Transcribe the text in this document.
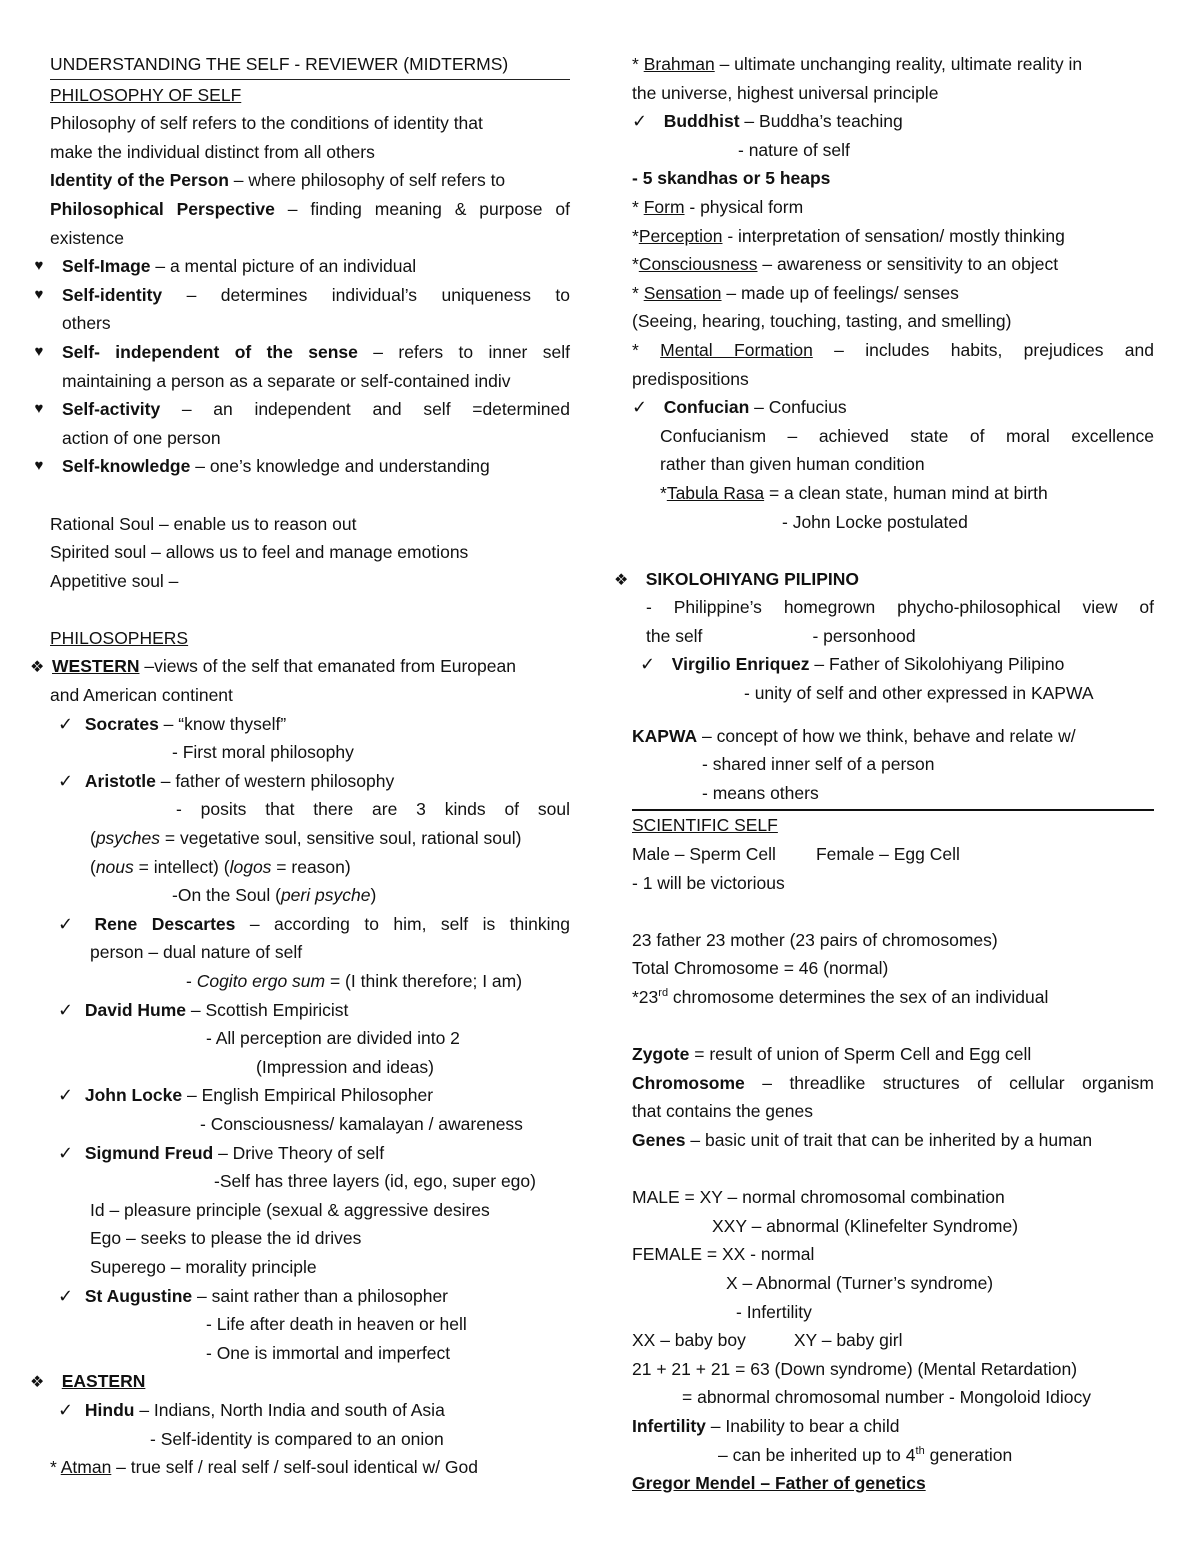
UNDERSTANDING THE SELF - REVIEWER (MIDTERMS)
PHILOSOPHY OF SELF
Philosophy of self refers to the conditions of identity that
make the individual distinct from all others
Identity of the Person – where philosophy of self refers to
Philosophical Perspective – finding meaning & purpose of
existence
♥ Self-Image – a mental picture of an individual
♥ Self-identity – determines individual’s uniqueness to
others
♥ Self- independent of the sense – refers to inner self
maintaining a person as a separate or self-contained indiv
♥ Self-activity – an independent and self =determined
action of one person
♥ Self-knowledge – one’s knowledge and understanding
Rational Soul – enable us to reason out
Spirited soul – allows us to feel and manage emotions
Appetitive soul –
PHILOSOPHERS
❖ WESTERN –views of the self that emanated from European
and American continent
✓ Socrates – “know thyself”
- First moral philosophy
✓ Aristotle – father of western philosophy
- posits that there are 3 kinds of soul
(psyches = vegetative soul, sensitive soul, rational soul)
(nous = intellect) (logos = reason)
-On the Soul (peri psyche)
✓ Rene Descartes – according to him, self is thinking
person – dual nature of self
- Cogito ergo sum = (I think therefore; I am)
✓ David Hume – Scottish Empiricist
- All perception are divided into 2
(Impression and ideas)
✓ John Locke – English Empirical Philosopher
- Consciousness/ kamalayan / awareness
✓ Sigmund Freud – Drive Theory of self
-Self has three layers (id, ego, super ego)
Id – pleasure principle (sexual & aggressive desires
Ego – seeks to please the id drives
Superego – morality principle
✓ St Augustine – saint rather than a philosopher
- Life after death in heaven or hell
- One is immortal and imperfect
❖ EASTERN
✓ Hindu – Indians, North India and south of Asia
- Self-identity is compared to an onion
* Atman – true self / real self / self-soul identical w/ God
* Brahman – ultimate unchanging reality, ultimate reality in
the universe, highest universal principle
✓ Buddhist – Buddha’s teaching
- nature of self
- 5 skandhas or 5 heaps
* Form - physical form
*Perception - interpretation of sensation/ mostly thinking
*Consciousness – awareness or sensitivity to an object
* Sensation – made up of feelings/ senses
(Seeing, hearing, touching, tasting, and smelling)
* Mental Formation – includes habits, prejudices and
predispositions
✓ Confucian – Confucius
Confucianism – achieved state of moral excellence
rather than given human condition
*Tabula Rasa = a clean state, human mind at birth
- John Locke postulated
❖ SIKOLOHIYANG PILIPINO
- Philippine’s homegrown phycho-philosophical view of
the self	- personhood
✓ Virgilio Enriquez – Father of Sikolohiyang Pilipino
- unity of self and other expressed in KAPWA
KAPWA – concept of how we think, behave and relate w/
- shared inner self of a person
- means others
SCIENTIFIC SELF
Male – Sperm Cell Female – Egg Cell
- 1 will be victorious
23 father 23 mother (23 pairs of chromosomes)
Total Chromosome = 46 (normal)
*23rd chromosome determines the sex of an individual
Zygote = result of union of Sperm Cell and Egg cell
Chromosome – threadlike structures of cellular organism
that contains the genes
Genes – basic unit of trait that can be inherited by a human
MALE = XY – normal chromosomal combination
XXY – abnormal (Klinefelter Syndrome)
FEMALE = XX - normal
X – Abnormal (Turner’s syndrome)
- Infertility
XX – baby boy	XY – baby girl
21 + 21 + 21 = 63 (Down syndrome) (Mental Retardation)
= abnormal chromosomal number - Mongoloid Idiocy
Infertility – Inability to bear a child
– can be inherited up to 4th generation
Gregor Mendel – Father of genetics
